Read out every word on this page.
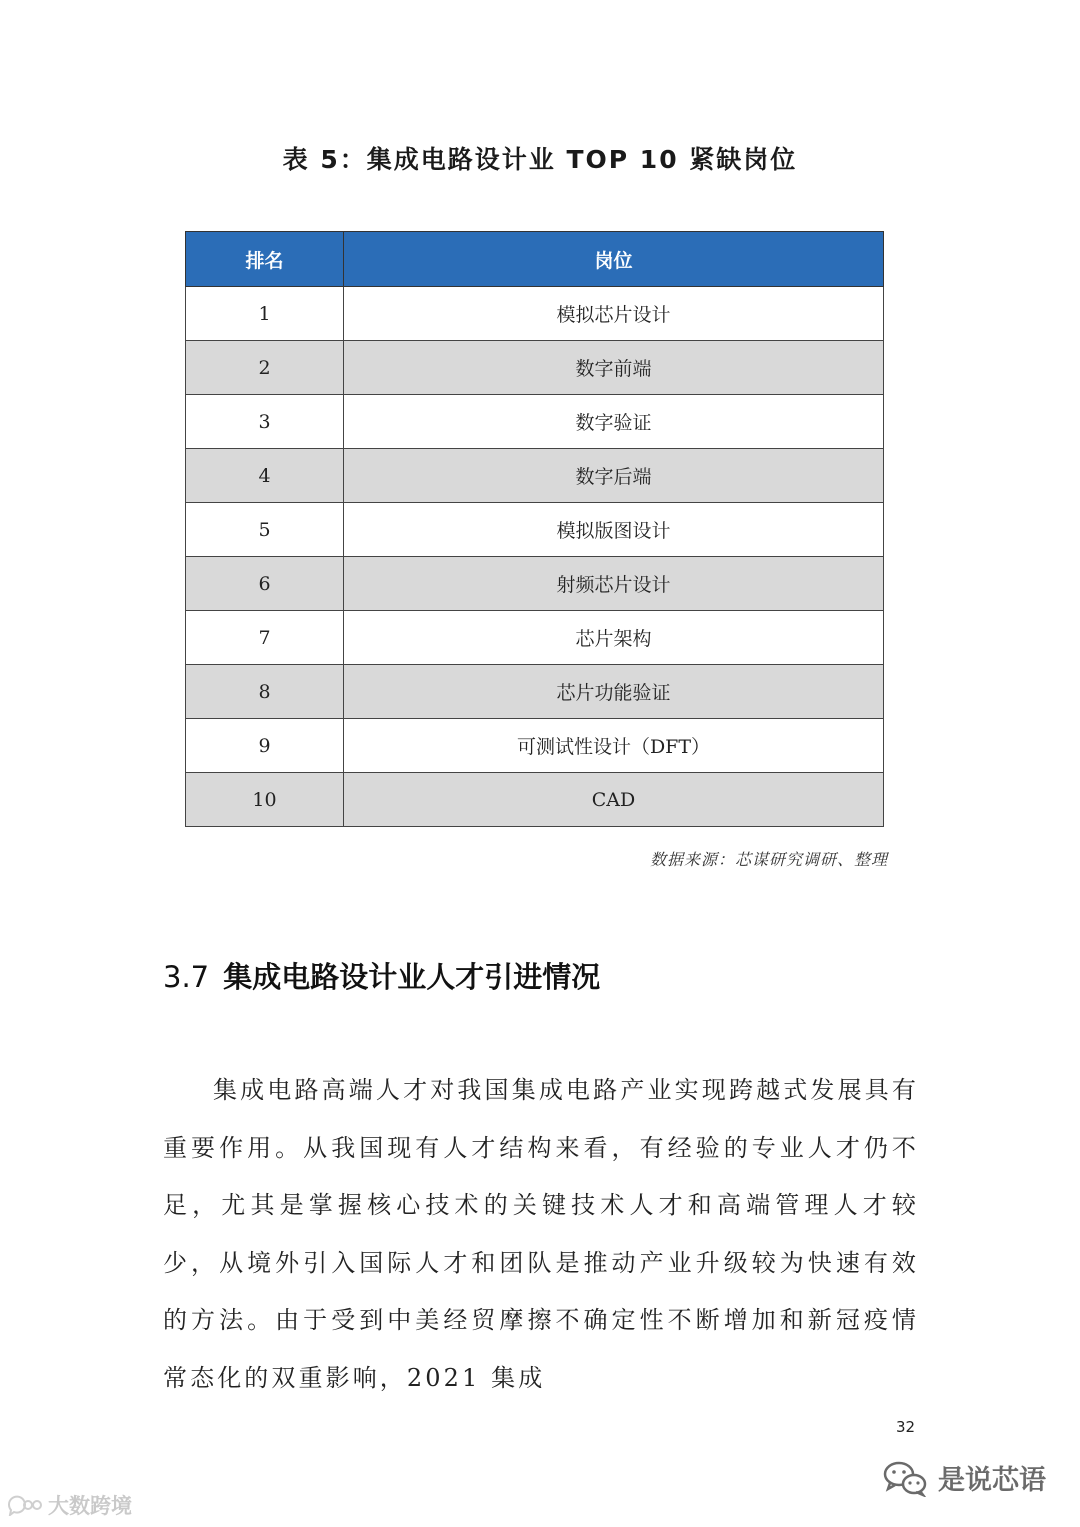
表 5：集成电路设计业 TOP 10 紧缺岗位
排名	岗位
1	模拟芯片设计
2	数字前端
3	数字验证
4	数字后端
5	模拟版图设计
6	射频芯片设计
7	芯片架构
8	芯片功能验证
9	可测试性设计（DFT）
10	CAD
数据来源：芯谋研究调研、整理
3.7 集成电路设计业人才引进情况

集成电路高端人才对我国集成电路产业实现跨越式发展具有重要作用。从我国现有人才结构来看，有经验的专业人才仍不足，尤其是掌握核心技术的关键技术人才和高端管理人才较少，从境外引入国际人才和团队是推动产业升级较为快速有效的方法。由于受到中美经贸摩擦不确定性不断增加和新冠疫情常态化的双重影响，2021 集成

32
大数跨境
是说芯语
